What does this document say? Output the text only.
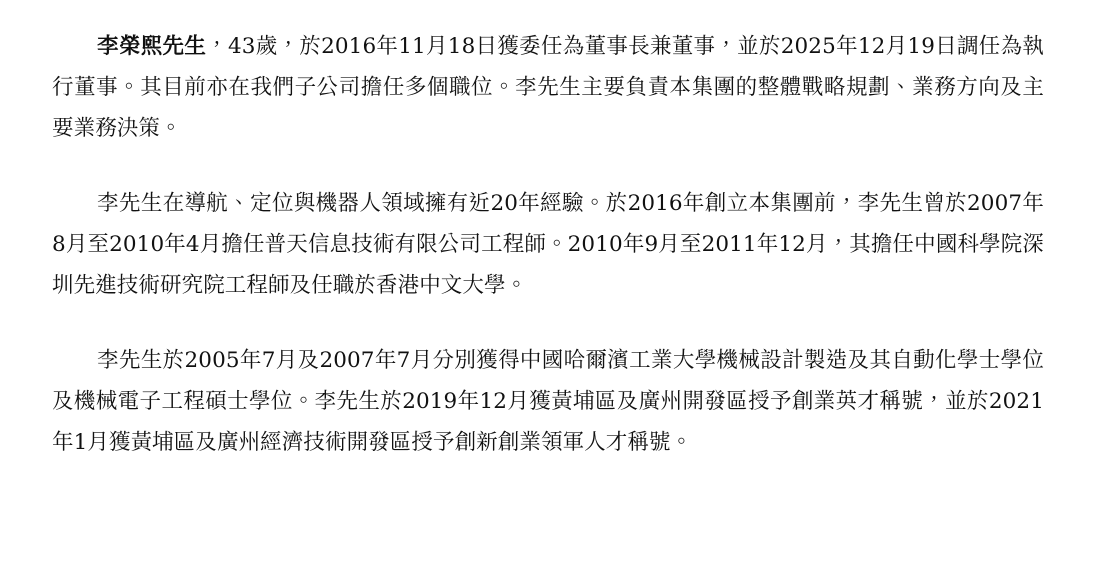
李榮熙先生，43歲，於2016年11月18日獲委任為董事長兼董事，並於2025年12月19日調任為執行董事。其目前亦在我們子公司擔任多個職位。李先生主要負責本集團的整體戰略規劃、業務方向及主要業務決策。

李先生在導航、定位與機器人領域擁有近20年經驗。於2016年創立本集團前，李先生曾於2007年8月至2010年4月擔任普天信息技術有限公司工程師。2010年9月至2011年12月，其擔任中國科學院深圳先進技術研究院工程師及任職於香港中文大學。

李先生於2005年7月及2007年7月分別獲得中國哈爾濱工業大學機械設計製造及其自動化學士學位及機械電子工程碩士學位。李先生於2019年12月獲黃埔區及廣州開發區授予創業英才稱號，並於2021年1月獲黃埔區及廣州經濟技術開發區授予創新創業領軍人才稱號。
